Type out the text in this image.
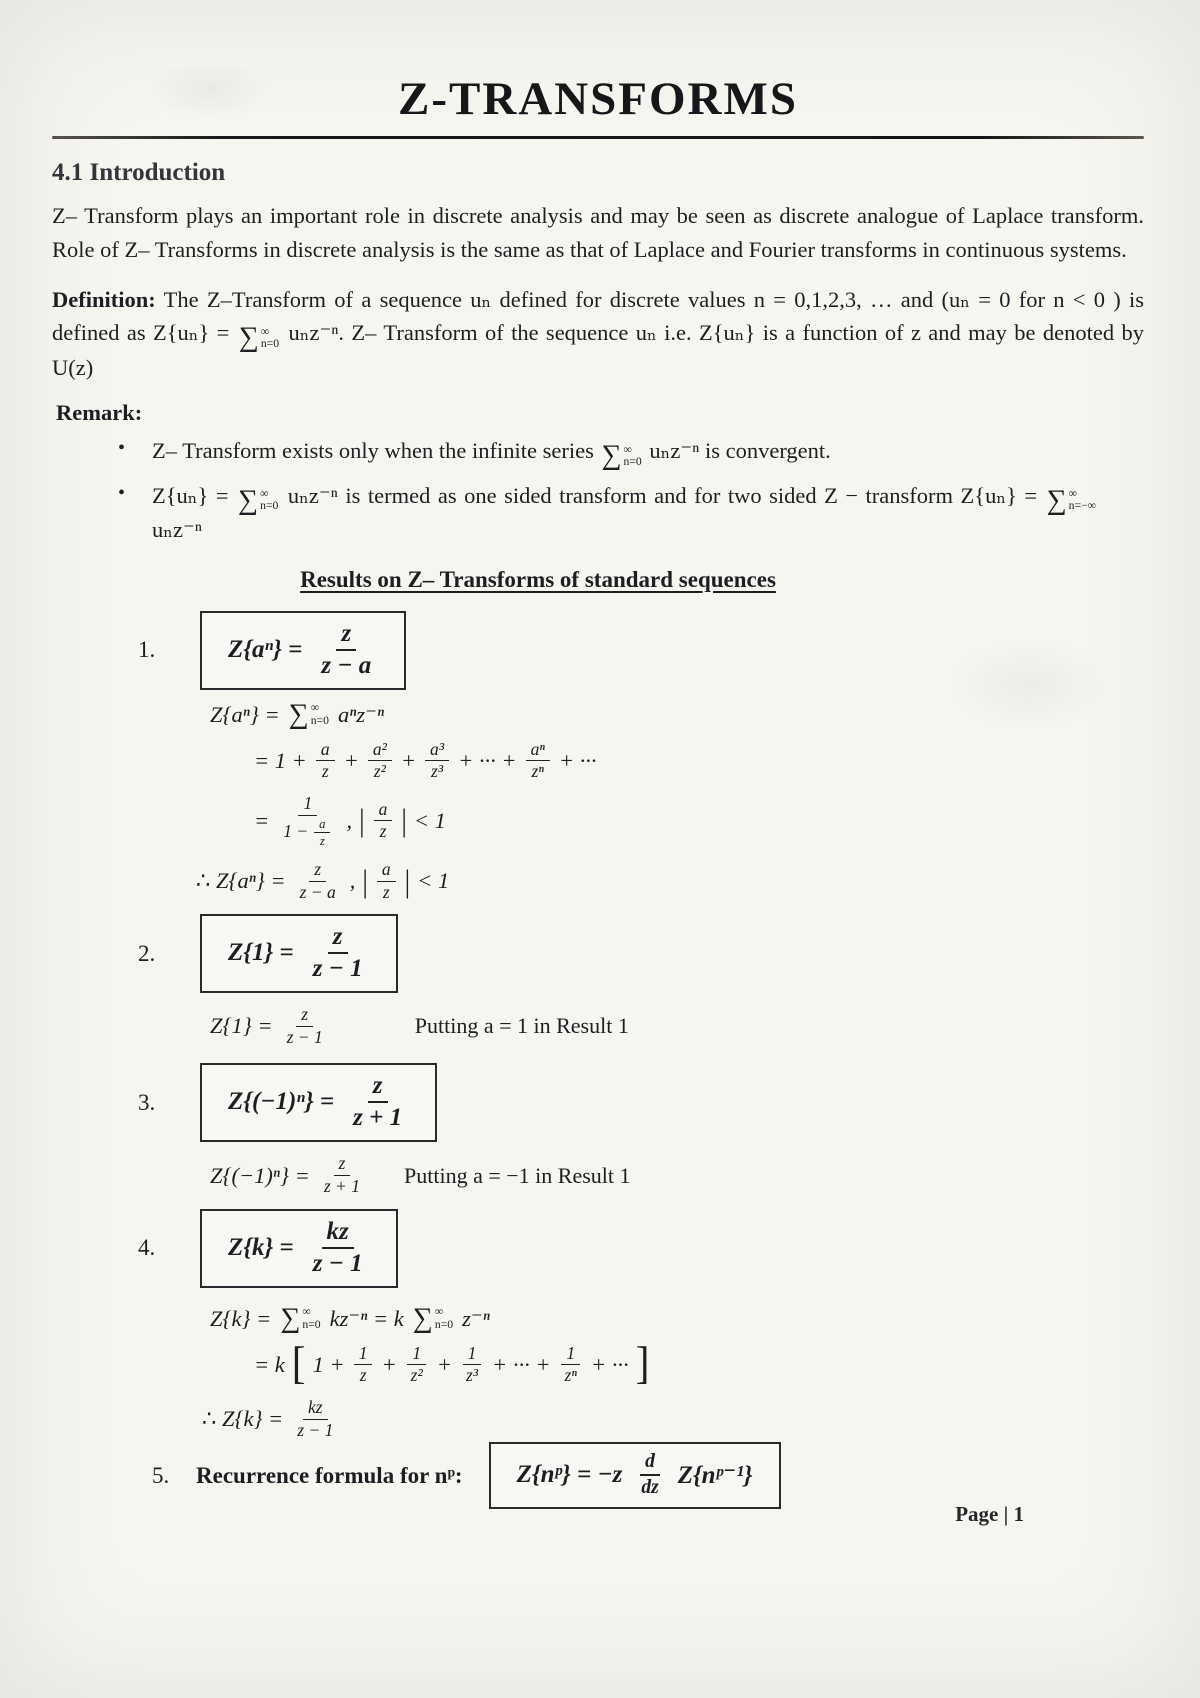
Z-TRANSFORMS
4.1 Introduction

Z– Transform plays an important role in discrete analysis and may be seen as discrete analogue of Laplace transform. Role of Z– Transforms in discrete analysis is the same as that of Laplace and Fourier transforms in continuous systems.

Definition: The Z–Transform of a sequence uₙ defined for discrete values n = 0,1,2,3, … and (uₙ = 0 for n < 0 ) is defined as Z{uₙ} = ∑ ∞
n=0 uₙz⁻ⁿ. Z– Transform of the sequence uₙ i.e. Z{uₙ} is a function of z and may be denoted by U(z)

Remark:
•	Z– Transform exists only when the infinite series ∑ ∞
n=0 uₙz⁻ⁿ is convergent.
•	Z{uₙ} = ∑ ∞
n=0 uₙz⁻ⁿ is termed as one sided transform and for two sided Z − transform Z{uₙ} = ∑ ∞
n=−∞
uₙz⁻ⁿ
Results on Z– Transforms of standard sequences
1.	$Z\{a^n\} = \frac{z}{z - a}$
Z{aⁿ} = ∑ ∞
n=0 aⁿz⁻ⁿ
= $1 + \frac{a}{z} + \frac{\text{a²}}{\text{z²}} + \frac{\text{a³}}{\text{z³}}$ + ··· + $\frac{\text{aⁿ}}{\text{zⁿ}}$ + ···
= $\frac{1}{1 - \frac{a}{z}}$ , | $\frac{a}{z}$ | < 1
∴ $Z\{a^n\} = \frac{z}{z - a}$ , | $\frac{a}{z}$ | < 1
2.	$Z\{1\} = \frac{z}{z - 1}$
$Z\{1\} = \frac{z}{z - 1}$	Putting a = 1 in Result 1
3.	$Z\{(-1)^n\} = \frac{z}{z + 1}$
$Z\{(-1)^n\} = \frac{z}{z + 1}$ Putting a = −1 in Result 1
4.	$Z\{k\} = \frac{kz}{z - 1}$
Z{k} = ∑ ∞
n=0 kz⁻ⁿ = k ∑ ∞
n=0 z⁻ⁿ
= k [ $1 + \frac{1}{z} + \frac{1}{\text{z²}} + \frac{1}{\text{z³}}$ + ··· + $\frac{1}{\text{zⁿ}}$ + ··· ]
∴ $Z\{k\} = \frac{kz}{z - 1}$
5.	Recurrence formula for nᵖ: Z{nᵖ} = $-z \frac{d}{dz}$ Z{nᵖ⁻¹}
Page | 1
